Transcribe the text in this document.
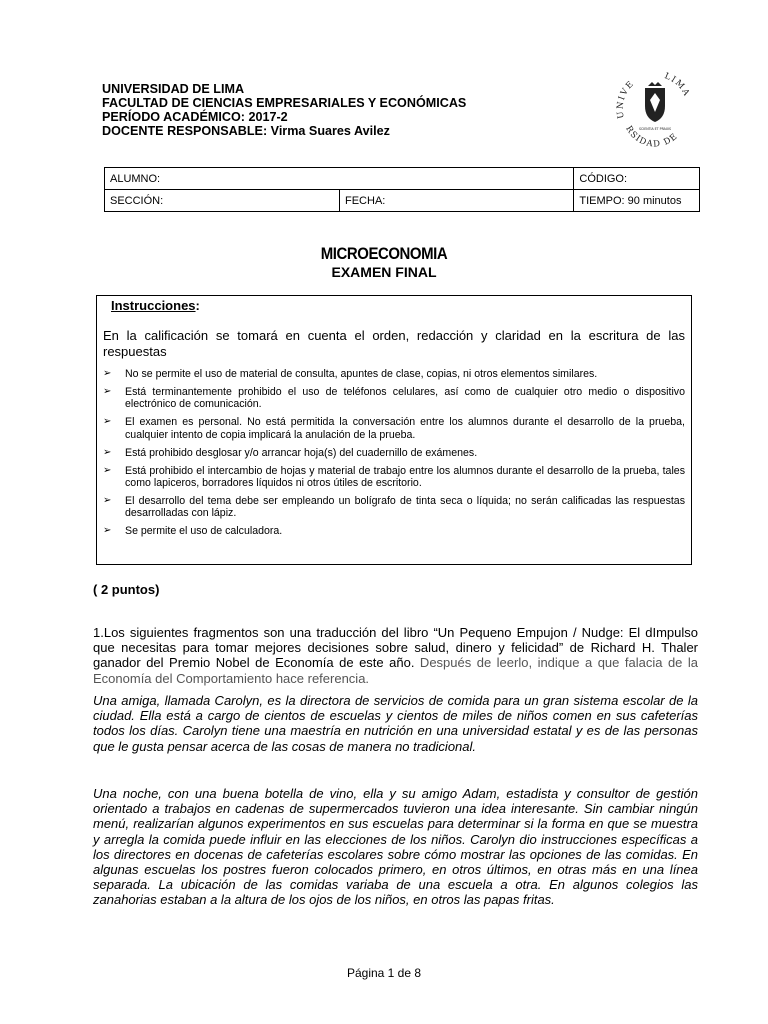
UNIVERSIDAD DE LIMA
FACULTAD DE CIENCIAS EMPRESARIALES Y ECONÓMICAS
PERÍODO ACADÉMICO: 2017-2
DOCENTE RESPONSABLE: Virma Suares Avilez
UNIVE
LIMA
RSIDAD DE
SCIENTIA ET PRAXIS
ALUMNO:		CÓDIGO:
SECCIÓN:	FECHA:	TIEMPO: 90 minutos
MICROECONOMIA
EXAMEN FINAL
Instrucciones:
En la calificación se tomará en cuenta el orden, redacción y claridad en la escritura de las respuestas
➢ No se permite el uso de material de consulta, apuntes de clase, copias, ni otros elementos similares.
➢ Está terminantemente prohibido el uso de teléfonos celulares, así como de cualquier otro medio o dispositivo electrónico de comunicación.
➢ El examen es personal. No está permitida la conversación entre los alumnos durante el desarrollo de la prueba, cualquier intento de copia implicará la anulación de la prueba.
➢ Está prohibido desglosar y/o arrancar hoja(s) del cuadernillo de exámenes.
➢ Está prohibido el intercambio de hojas y material de trabajo entre los alumnos durante el desarrollo de la prueba, tales como lapiceros, borradores líquidos ni otros útiles de escritorio.
➢ El desarrollo del tema debe ser empleando un bolígrafo de tinta seca o líquida; no serán calificadas las respuestas desarrolladas con lápiz.
➢ Se permite el uso de calculadora.
( 2 puntos)

1.Los siguientes fragmentos son una traducción del libro “Un Pequeno Empujon / Nudge: El dImpulso que necesitas para tomar mejores decisiones sobre salud, dinero y felicidad” de Richard H. Thaler ganador del Premio Nobel de Economía de este año. Después de leerlo, indique a que falacia de la Economía del Comportamiento hace referencia.

Una amiga, llamada Carolyn, es la directora de servicios de comida para un gran sistema escolar de la ciudad. Ella está a cargo de cientos de escuelas y cientos de miles de niños comen en sus cafeterías todos los días. Carolyn tiene una maestría en nutrición en una universidad estatal y es de las personas que le gusta pensar acerca de las cosas de manera no tradicional.

Una noche, con una buena botella de vino, ella y su amigo Adam, estadista y consultor de gestión orientado a trabajos en cadenas de supermercados tuvieron una idea interesante. Sin cambiar ningún menú, realizarían algunos experimentos en sus escuelas para determinar si la forma en que se muestra y arregla la comida puede influir en las elecciones de los niños. Carolyn dio instrucciones específicas a los directores en docenas de cafeterías escolares sobre cómo mostrar las opciones de las comidas. En algunas escuelas los postres fueron colocados primero, en otros últimos, en otras más en una línea separada. La ubicación de las comidas variaba de una escuela a otra. En algunos colegios las zanahorias estaban a la altura de los ojos de los niños, en otros las papas fritas.

Página 1 de 8
